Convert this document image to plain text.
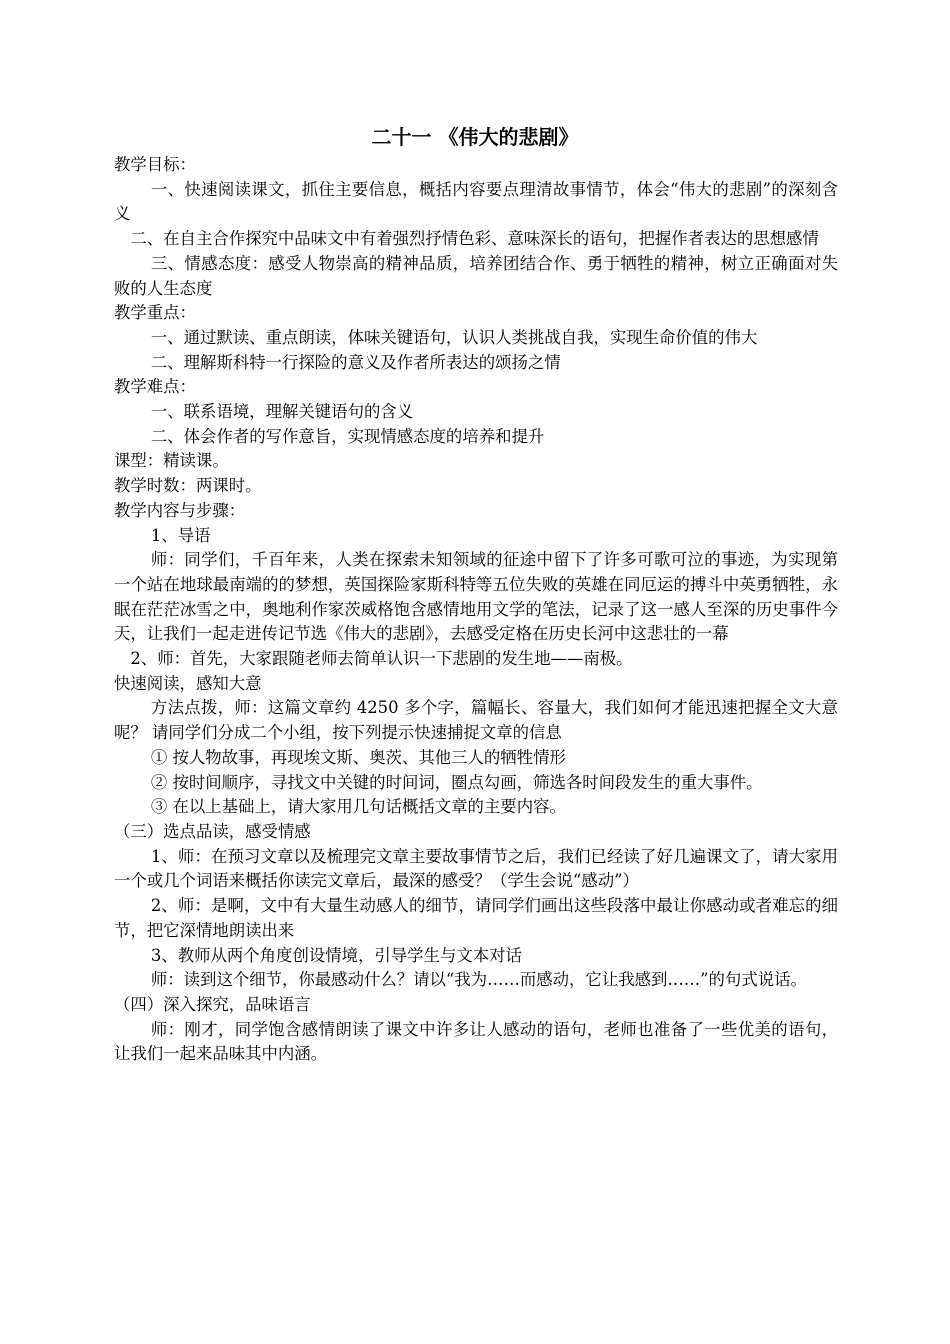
二十一 《伟大的悲剧》

教学目标：

一、快速阅读课文，抓住主要信息，概括内容要点理清故事情节，体会“伟大的悲剧”的深刻含义

二、在自主合作探究中品味文中有着强烈抒情色彩、意味深长的语句，把握作者表达的思想感情

三、情感态度：感受人物崇高的精神品质，培养团结合作、勇于牺牲的精神，树立正确面对失败的人生态度

教学重点：

一、通过默读、重点朗读，体味关键语句，认识人类挑战自我，实现生命价值的伟大

二、理解斯科特一行探险的意义及作者所表达的颂扬之情

教学难点：

一、联系语境，理解关键语句的含义

二、体会作者的写作意旨，实现情感态度的培养和提升

课型：精读课。

教学时数：两课时。

教学内容与步骤：

1、导语

师：同学们，千百年来，人类在探索未知领域的征途中留下了许多可歌可泣的事迹，为实现第一个站在地球最南端的的梦想，英国探险家斯科特等五位失败的英雄在同厄运的搏斗中英勇牺牲，永眠在茫茫冰雪之中，奥地利作家茨威格饱含感情地用文学的笔法，记录了这一感人至深的历史事件今天，让我们一起走进传记节选《伟大的悲剧》，去感受定格在历史长河中这悲壮的一幕

2、师：首先，大家跟随老师去简单认识一下悲剧的发生地——南极。

快速阅读，感知大意

方法点拨，师：这篇文章约 4250 多个字，篇幅长、容量大，我们如何才能迅速把握全文大意呢？ 请同学们分成二个小组，按下列提示快速捕捉文章的信息

① 按人物故事，再现埃文斯、奥茨、其他三人的牺牲情形

② 按时间顺序，寻找文中关键的时间词，圈点勾画，筛选各时间段发生的重大事件。

③ 在以上基础上，请大家用几句话概括文章的主要内容。

（三）选点品读，感受情感

1、师：在预习文章以及梳理完文章主要故事情节之后，我们已经读了好几遍课文了，请大家用一个或几个词语来概括你读完文章后，最深的感受？（学生会说“感动”）

2、师：是啊，文中有大量生动感人的细节，请同学们画出这些段落中最让你感动或者难忘的细节，把它深情地朗读出来

3、教师从两个角度创设情境，引导学生与文本对话

师：读到这个细节，你最感动什么？请以“我为……而感动，它让我感到……”的句式说话。

（四）深入探究，品味语言

师：刚才，同学饱含感情朗读了课文中许多让人感动的语句，老师也准备了一些优美的语句，让我们一起来品味其中内涵。
